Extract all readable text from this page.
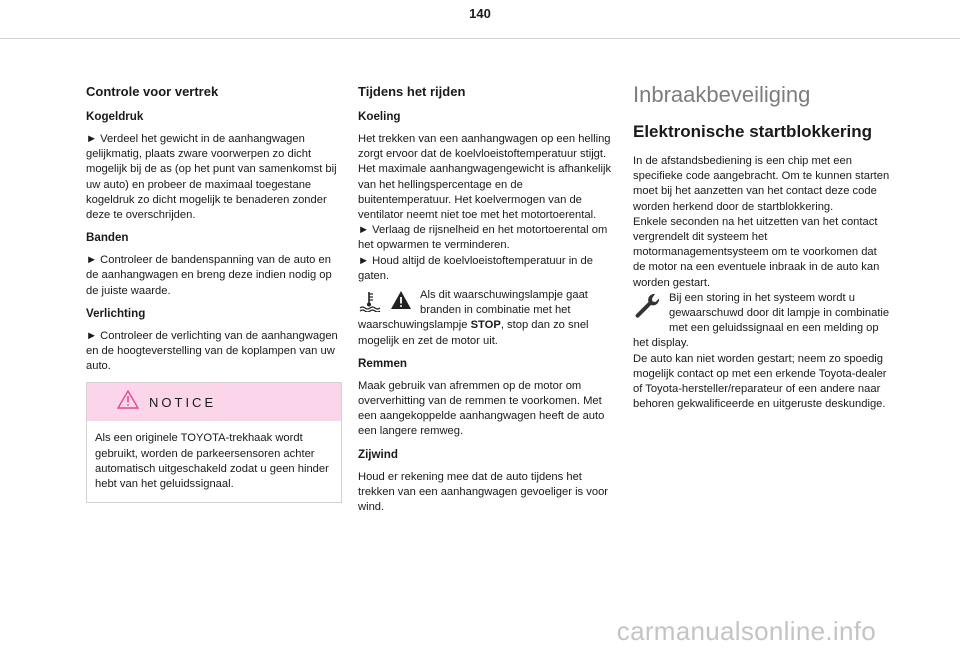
140
Controle voor vertrek
Kogeldruk

► Verdeel het gewicht in de aanhangwagen gelijkmatig, plaats zware voorwerpen zo dicht mogelijk bij de as (op het punt van samenkomst bij uw auto) en probeer de maximaal toegestane kogeldruk zo dicht mogelijk te benaderen zonder deze te overschrijden.

Banden

► Controleer de bandenspanning van de auto en de aanhangwagen en breng deze indien nodig op de juiste waarde.

Verlichting

► Controleer de verlichting van de aanhangwagen en de hoogteverstelling van de koplampen van uw auto.

NOTICE
Als een originele TOYOTA-trekhaak wordt gebruikt, worden de parkeersensoren achter automatisch uitgeschakeld zodat u geen hinder hebt van het geluidssignaal.
Tijdens het rijden
Koeling

Het trekken van een aanhangwagen op een helling zorgt ervoor dat de koelvloeistoftemperatuur stijgt. Het maximale aanhangwagengewicht is afhankelijk van het hellingspercentage en de buitentemperatuur. Het koelvermogen van de ventilator neemt niet toe met het motortoerental.

► Verlaag de rijsnelheid en het motortoerental om het opwarmen te verminderen.

► Houd altijd de koelvloeistoftemperatuur in de gaten.

Als dit waarschuwingslampje gaat branden in combinatie met het waarschuwingslampje STOP, stop dan zo snel mogelijk en zet de motor uit.
Remmen

Maak gebruik van afremmen op de motor om oververhitting van de remmen te voorkomen. Met een aangekoppelde aanhangwagen heeft de auto een langere remweg.

Zijwind

Houd er rekening mee dat de auto tijdens het trekken van een aanhangwagen gevoeliger is voor wind.

Inbraakbeveiliging
Elektronische startblokkering

In de afstandsbediening is een chip met een specifieke code aangebracht. Om te kunnen starten moet bij het aanzetten van het contact deze code worden herkend door de startblokkering.

Enkele seconden na het uitzetten van het contact vergrendelt dit systeem het motormanagementsysteem om te voorkomen dat de motor na een eventuele inbraak in de auto kan worden gestart.

Bij een storing in het systeem wordt u gewaarschuwd door dit lampje in combinatie met een geluidssignaal en een melding op het display.

De auto kan niet worden gestart; neem zo spoedig mogelijk contact op met een erkende Toyota-dealer of Toyota-hersteller/reparateur of een andere naar behoren gekwalificeerde en uitgeruste deskundige.

carmanualsonline.info
